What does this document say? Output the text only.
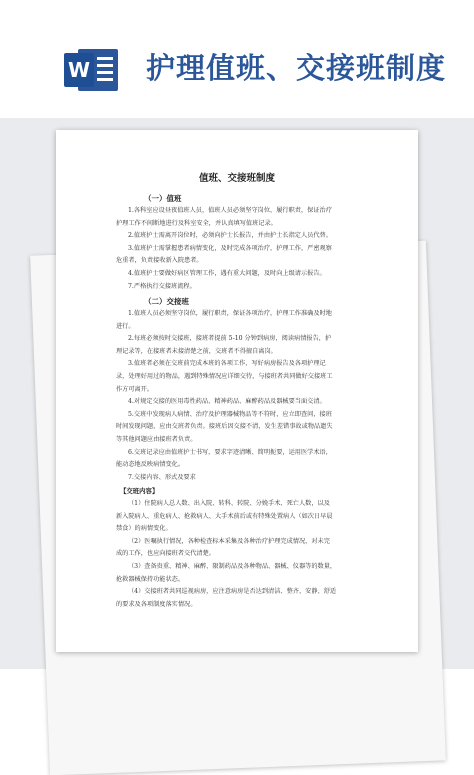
W 护理值班、交接班制度
值班、交接班制度
（一）值班
1.各科室应设昼夜值班人员，值班人员必须坚守岗位，履行职责，保证治疗
护理工作不间断地进行及科室安全，并认真填写值班记录。
2.值班护士需离开岗位时，必须向护士长报告，并由护士长指定人员代替。
3.值班护士需掌握患者病情变化，及时完成各项治疗，护理工作，严密观察
危重者，负责接收新入院患者。
4.值班护士要做好病区管理工作，遇有重大问题，及时向上级请示报告。
7.严格执行交接班流程。
（二）交接班
1.值班人员必须坚守岗位，履行职责，保证各项治疗，护理工作准确及时地
进行。
2.每班必须按时交接班，接班者提前 5-10 分钟到病房，阅读病情报告，护
理记录等，在接班者未接清楚之前，交班者不得擅自离岗。
3.值班者必须在交班前完成本班的各项工作，写好病房报告及各项护理记
录，处理好用过的物品，遇到特殊情况应详细交待，与接班者共同做好交接班工
作方可离开。
4.对规定交接的医用毒性药品、精神药品、麻醉药品及器械要当面交清。
5.交班中发现病人病情、治疗及护理器械物品等不符时，应立即查问，接班
时间发现问题，应由交班者负责。接班后因交接不清，发生差错事故或物品遗失
等其他问题应由接班者负责。
6.交班记录应由值班护士书写，要求字迹清晰、简明扼要，运用医学术语，
能动态地反映病情变化。
7.交接内容、形式及要求
【交班内容】
（1）住院病人总人数、出入院、转科、转院、分娩手术、死亡人数，以及
新入院病人、重危病人、抢救病人、大手术前后或有特殊处置病人（如次日早晨
禁食）的病情变化。
（2）医嘱执行情况，各种检查标本采集及各种治疗护理完成情况，对未完
成的工作，也应向接班者交代清楚。
（3）查备贵重、精神、麻醉、限制药品及各种物品、器械、仪器等的数量，
抢救器械保持功能状态。
（4）交接班者共同巡视病房，应注意病房是否达到清洁、整齐、安静、舒适
的要求及各项制度落实情况。
